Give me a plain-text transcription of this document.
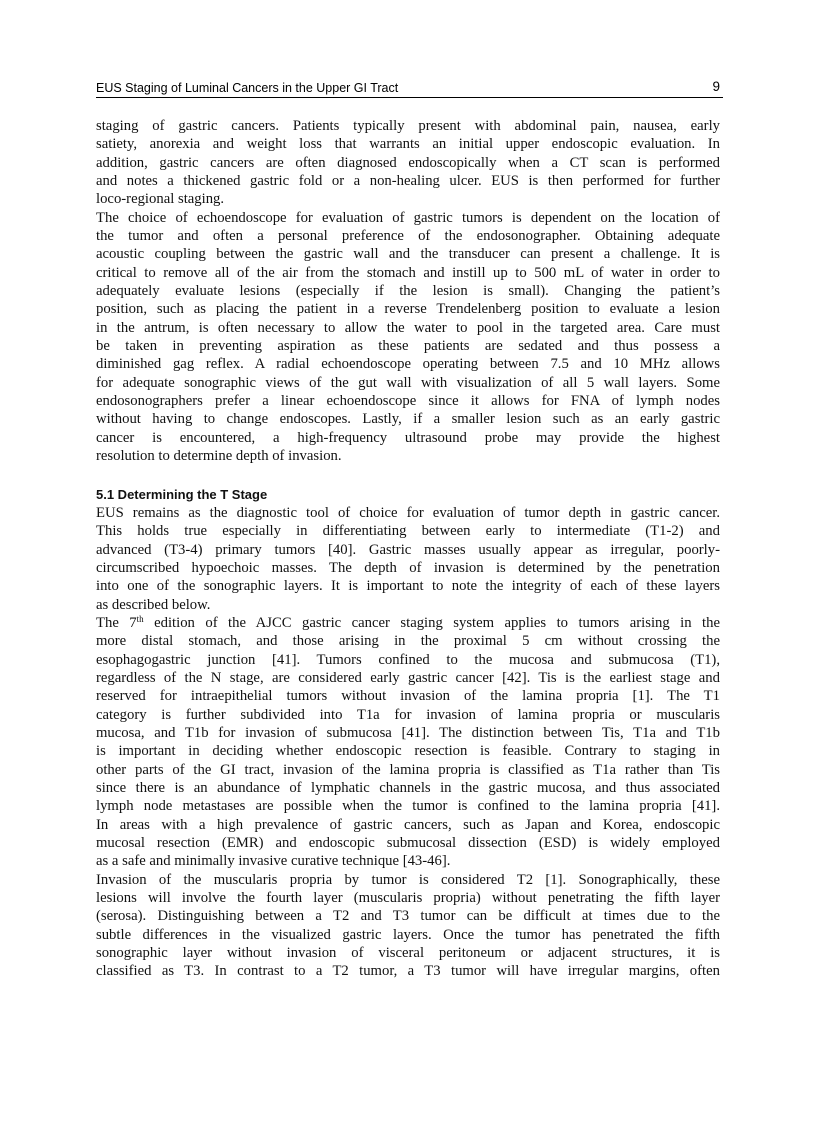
EUS Staging of Luminal Cancers in the Upper GI Tract	9
staging of gastric cancers. Patients typically present with abdominal pain, nausea, early
satiety, anorexia and weight loss that warrants an initial upper endoscopic evaluation. In
addition, gastric cancers are often diagnosed endoscopically when a CT scan is performed
and notes a thickened gastric fold or a non-healing ulcer. EUS is then performed for further
loco-regional staging.
The choice of echoendoscope for evaluation of gastric tumors is dependent on the location of
the tumor and often a personal preference of the endosonographer. Obtaining adequate
acoustic coupling between the gastric wall and the transducer can present a challenge. It is
critical to remove all of the air from the stomach and instill up to 500 mL of water in order to
adequately evaluate lesions (especially if the lesion is small). Changing the patient’s
position, such as placing the patient in a reverse Trendelenberg position to evaluate a lesion
in the antrum, is often necessary to allow the water to pool in the targeted area. Care must
be taken in preventing aspiration as these patients are sedated and thus possess a
diminished gag reflex. A radial echoendoscope operating between 7.5 and 10 MHz allows
for adequate sonographic views of the gut wall with visualization of all 5 wall layers. Some
endosonographers prefer a linear echoendoscope since it allows for FNA of lymph nodes
without having to change endoscopes. Lastly, if a smaller lesion such as an early gastric
cancer is encountered, a high-frequency ultrasound probe may provide the highest
resolution to determine depth of invasion.
5.1 Determining the T Stage
EUS remains as the diagnostic tool of choice for evaluation of tumor depth in gastric cancer.
This holds true especially in differentiating between early to intermediate (T1-2) and
advanced (T3-4) primary tumors [40]. Gastric masses usually appear as irregular, poorly-
circumscribed hypoechoic masses. The depth of invasion is determined by the penetration
into one of the sonographic layers. It is important to note the integrity of each of these layers
as described below.
The 7th edition of the AJCC gastric cancer staging system applies to tumors arising in the
more distal stomach, and those arising in the proximal 5 cm without crossing the
esophagogastric junction [41]. Tumors confined to the mucosa and submucosa (T1),
regardless of the N stage, are considered early gastric cancer [42]. Tis is the earliest stage and
reserved for intraepithelial tumors without invasion of the lamina propria [1]. The T1
category is further subdivided into T1a for invasion of lamina propria or muscularis
mucosa, and T1b for invasion of submucosa [41]. The distinction between Tis, T1a and T1b
is important in deciding whether endoscopic resection is feasible. Contrary to staging in
other parts of the GI tract, invasion of the lamina propria is classified as T1a rather than Tis
since there is an abundance of lymphatic channels in the gastric mucosa, and thus associated
lymph node metastases are possible when the tumor is confined to the lamina propria [41].
In areas with a high prevalence of gastric cancers, such as Japan and Korea, endoscopic
mucosal resection (EMR) and endoscopic submucosal dissection (ESD) is widely employed
as a safe and minimally invasive curative technique [43-46].
Invasion of the muscularis propria by tumor is considered T2 [1]. Sonographically, these
lesions will involve the fourth layer (muscularis propria) without penetrating the fifth layer
(serosa). Distinguishing between a T2 and T3 tumor can be difficult at times due to the
subtle differences in the visualized gastric layers. Once the tumor has penetrated the fifth
sonographic layer without invasion of visceral peritoneum or adjacent structures, it is
classified as T3. In contrast to a T2 tumor, a T3 tumor will have irregular margins, often
